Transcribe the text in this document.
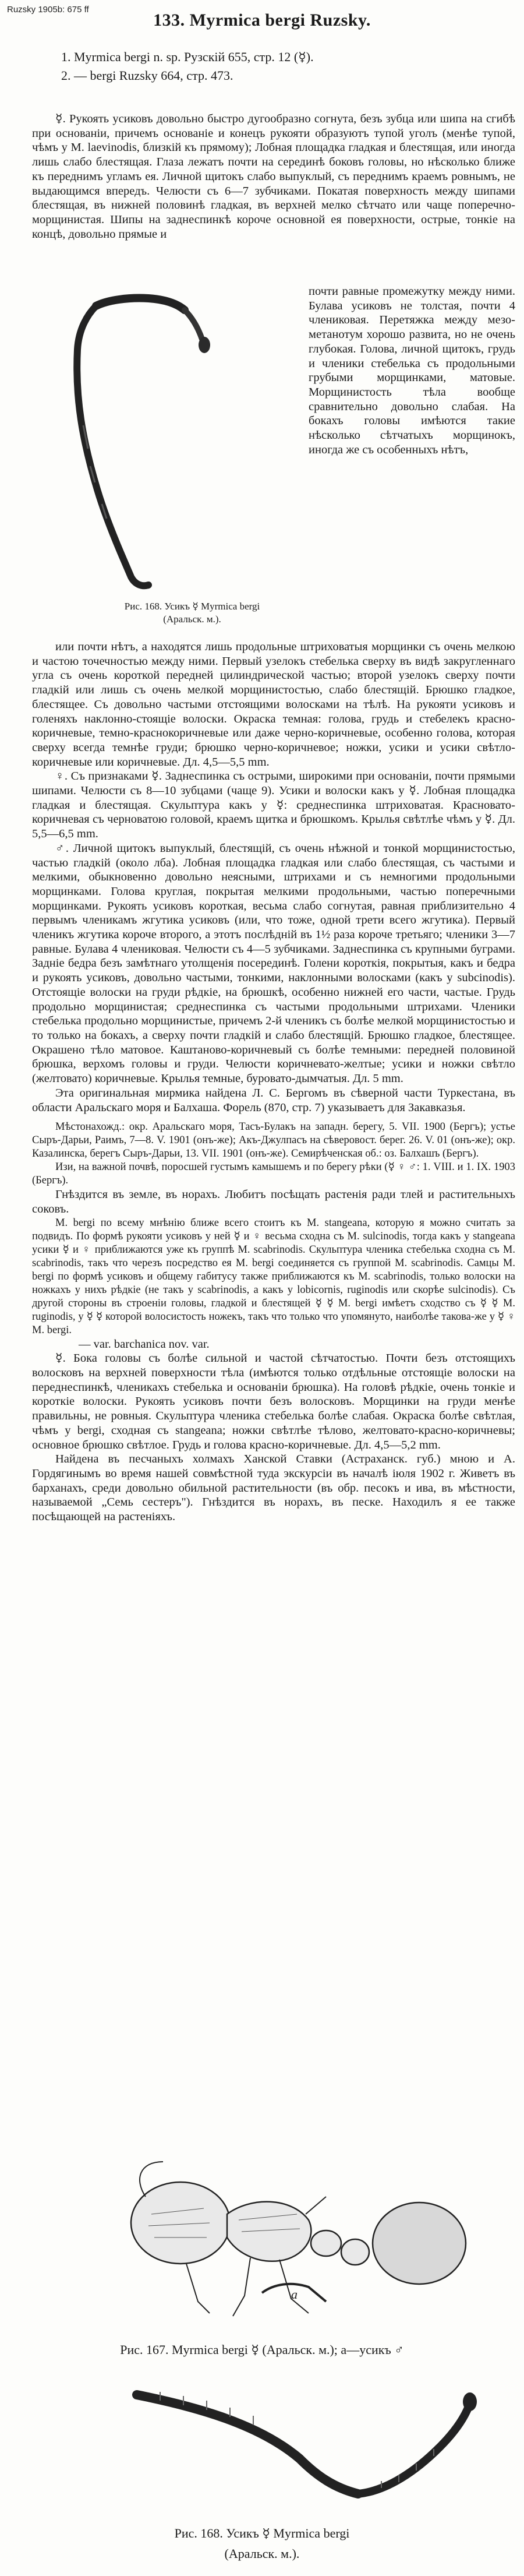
Ruzsky 1905b: 675 ff
133. Myrmica bergi Ruzsky.
1. Myrmica bergi n. sp. Рузскій 655, стр. 12 (☿).
2. — bergi Ruzsky 664, стр. 473.

☿. Рукоять усиковъ довольно быстро дугообразно согнута, безъ зубца или шипа на сгибѣ при основаніи, причемъ основаніе и конецъ рукояти образуютъ тупой уголъ (менѣе тупой, чѣмъ у M. laevinodis, близкій къ прямому); Лобная площадка гладкая и блестящая, или иногда лишь слабо блестящая. Глаза лежатъ почти на серединѣ боковъ головы, но нѣсколько ближе къ переднимъ угламъ ея. Личной щитокъ слабо выпуклый, съ переднимъ краемъ ровнымъ, не выдающимся впередъ. Челюсти съ 6—7 зубчиками. Покатая поверхность между шипами блестящая, въ нижней половинѣ гладкая, въ верхней мелко сѣтчато или чаще поперечно-морщинистая. Шипы на заднеспинкѣ короче основной ея поверхности, острые, тонкіе на концѣ, довольно прямые и

Рис. 168. Усикъ ☿ Myrmica bergi
(Аральск. м.).
почти равные промежутку между ними. Булава усиковъ не толстая, почти 4 члениковая. Перетяжка между мезо-метанотум хорошо развита, но не очень глубокая. Голова, личной щитокъ, грудь и членики стебелька съ продольными грубыми морщинками, матовые. Морщинистость тѣла вообще сравнительно довольно слабая. На бокахъ головы имѣются такие нѣсколько сѣтчатыхъ морщинокъ, иногда же съ особенныхъ нѣтъ,

или почти нѣтъ, а находятся лишь продольные штриховатыя морщинки съ очень мелкою и частою точечностью между ними. Первый узелокъ стебелька сверху въ видѣ закругленнаго угла съ очень короткой передней цилиндрической частью; второй узелокъ сверху почти гладкій или лишь съ очень мелкой морщинистостью, слабо блестящій. Брюшко гладкое, блестящее. Съ довольно частыми отстоящими волосками на тѣлѣ. На рукояти усиковъ и голеняхъ наклонно-стоящіе волоски. Окраска темная: голова, грудь и стебелекъ красно-коричневые, темно-краснокоричневые или даже черно-коричневые, особенно голова, которая сверху всегда темнѣе груди; брюшко черно-коричневое; ножки, усики и усики свѣтло-коричневые или коричневые. Дл. 4,5—5,5 mm.

♀. Съ признаками ☿. Заднеспинка съ острыми, широкими при основаніи, почти прямыми шипами. Челюсти съ 8—10 зубцами (чаще 9). Усики и волоски какъ у ☿. Лобная площадка гладкая и блестящая. Скульптура какъ у ☿: среднеспинка штриховатая. Красновато-коричневая съ черноватою головой, краемъ щитка и брюшкомъ. Крылья свѣтлѣе чѣмъ у ☿. Дл. 5,5—6,5 mm.

♂. Личной щитокъ выпуклый, блестящій, съ очень нѣжной и тонкой морщинистостью, частью гладкій (около лба). Лобная площадка гладкая или слабо блестящая, съ частыми и мелкими, обыкновенно довольно неясными, штрихами и съ немногими продольными морщинками. Голова круглая, покрытая мелкими продольными, частью поперечными морщинками. Рукоять усиковъ короткая, весьма слабо согнутая, равная приблизительно 4 первымъ членикамъ жгутика усиковъ (или, что тоже, одной трети всего жгутика). Первый членикъ жгутика короче второго, а этотъ послѣдній въ 1½ раза короче третьяго; членики 3—7 равные. Булава 4 члениковая. Челюсти съ 4—5 зубчиками. Заднеспинка съ крупными буграми. Задніе бедра безъ замѣтнаго утолщенія посерединѣ. Голени короткія, покрытыя, какъ и бедра и рукоять усиковъ, довольно частыми, тонкими, наклонными волосками (какъ у subcinodis). Отстоящіе волоски на груди рѣдкіе, на брюшкѣ, особенно нижней его части, частые. Грудь продольно морщинистая; среднеспинка съ частыми продольными штрихами. Членики стебелька продольно морщинистые, причемъ 2-й членикъ съ болѣе мелкой морщинистостью и то только на бокахъ, а сверху почти гладкій и слабо блестящій. Брюшко гладкое, блестящее. Окрашено тѣло матовое. Каштаново-коричневый съ болѣе темными: передней половиной брюшка, верхомъ головы и груди. Челюсти коричневато-желтые; усики и ножки свѣтло (желтовато) коричневые. Крылья темные, буровато-дымчатыя. Дл. 5 mm.

Эта оригинальная мирмика найдена Л. С. Бергомъ въ сѣверной части Туркестана, въ области Аральскаго моря и Балхаша. Форель (870, стр. 7) указываетъ для Закавказья.

Мѣстонахожд.: окр. Аральскаго моря, Тасъ-Булакъ на западн. берегу, 5. VII. 1900 (Бергъ); устье Сыръ-Дарьи, Раимъ, 7—8. V. 1901 (онъ-же); Акъ-Джулпасъ на сѣверовост. берег. 26. V. 01 (онъ-же); окр. Казалинска, берегъ Сыръ-Дарьи, 13. VII. 1901 (онъ-же). Семирѣченская об.: оз. Балхашъ (Бергъ).

Изи, на важной почвѣ, поросшей густымъ камышемъ и по берегу рѣки (☿ ♀ ♂: 1. VIII. и 1. IX. 1903 (Бергъ).

Гнѣздится въ земле, въ норахъ. Любитъ посѣщать растенія ради тлей и растительныхъ соковъ.

M. bergi по всему мнѣнію ближе всего стоитъ къ M. stangeana, которую я можно считать за подвидъ. По формѣ рукояти усиковъ у ней ☿ и ♀ весьма сходна съ M. sulcinodis, тогда какъ у stangeana усики ☿ и ♀ приближаются уже къ группѣ M. scabrinodis. Скульптура членика стебелька сходна съ M. scabrinodis, такъ что черезъ посредство ея M. bergi соединяется съ группой M. scabrinodis. Самцы M. bergi по формѣ усиковъ и общему габитусу также приближаются къ M. scabrinodis, только волоски на ножкахъ у нихъ рѣдкіе (не такъ у scabrinodis, а какъ у lobicornis, ruginodis или скорѣе sulcinodis). Съ другой стороны въ строеніи головы, гладкой и блестящей ☿ ☿ M. bergi имѣетъ сходство съ ☿ ☿ M. ruginodis, у ☿ ☿ которой волосистость ножекъ, такъ что только что упомянуто, наиболѣе такова-же у ☿ ♀ M. bergi.

— var. barchanica nov. var.

☿. Бока головы съ болѣе сильной и частой сѣтчатостью. Почти безъ отстоящихъ волосковъ на верхней поверхности тѣла (имѣются только отдѣльные отстоящіе волоски на переднеспинкѣ, членикахъ стебелька и основаніи брюшка). На головѣ рѣдкіе, очень тонкіе и короткіе волоски. Рукоять усиковъ почти безъ волосковъ. Морщинки на груди менѣе правильны, не ровныя. Скульптура членика стебелька болѣе слабая. Окраска болѣе свѣтлая, чѣмъ у bergi, сходная съ stangeana; ножки свѣтлѣе тѣлово, желтовато-красно-коричневы; основное брюшко свѣтлое. Грудь и голова красно-коричневые. Дл. 4,5—5,2 mm.

Найдена въ песчаныхъ холмахъ Ханской Ставки (Астраханск. губ.) мною и А. Гордягинымъ во время нашей совмѣстной туда экскурсіи въ началѣ іюля 1902 г. Живетъ въ барханахъ, среди довольно обильной растительности (въ обр. песокъ и ива, въ мѣстности, называемой „Семь сестеръ"). Гнѣздится въ норахъ, въ песке. Находилъ я ее также посѣщающей на растеніяхъ.

a
Рис. 167. Myrmica bergi ☿ (Аральск. м.); a—усикъ ♂
Рис. 168. Усикъ ☿ Myrmica bergi
(Аральск. м.).
